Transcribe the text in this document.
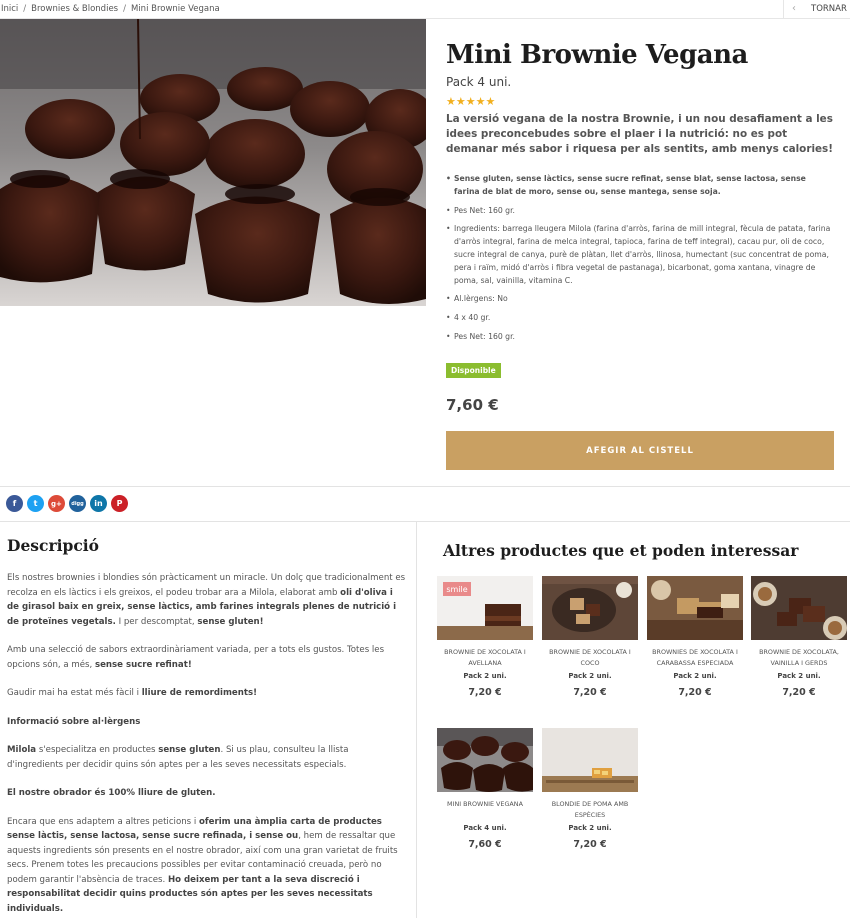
Inici / Brownies & Blondies / Mini Brownie Vegana	‹ TORNAR
Mini Brownie Vegana
Pack 4 uni.
★★★★★

La versió vegana de la nostra Brownie, i un nou desafiament a les idees preconcebudes sobre el plaer i la nutrició: no es pot demanar més sabor i riquesa per als sentits, amb menys calories!

• Sense gluten, sense làctics, sense sucre refinat, sense blat, sense lactosa, sense farina de blat de moro, sense ou, sense mantega, sense soja.
• Pes Net: 160 gr.
• Ingredients: barrega lleugera Milola (farina d'arròs, farina de mill integral, fècula de patata, farina d'arròs integral, farina de melca integral, tapioca, farina de teff integral), cacau pur, oli de coco, sucre integral de canya, purè de plàtan, llet d'arròs, llinosa, humectant (suc concentrat de poma, pera i raïm, midó d'arròs i fibra vegetal de pastanaga), bicarbonat, goma xantana, vinagre de poma, sal, vainilla, vitamina C.
• Al.lèrgens: No
• 4 x 40 gr.
• Pes Net: 160 gr.
Disponible
7,60 €
AFEGIR AL CISTELL
f	t	g+	digg	in	P
Descripció

Els nostres brownies i blondies són pràcticament un miracle. Un dolç que tradicionalment es recolza en els làctics i els greixos, el podeu trobar ara a Milola, elaborat amb oli d'oliva i de girasol baix en greix, sense làctics, amb farines integrals plenes de nutrició i de proteïnes vegetals. I per descomptat, sense gluten!

Amb una selecció de sabors extraordinàriament variada, per a tots els gustos. Totes les opcions són, a més, sense sucre refinat!

Gaudir mai ha estat més fàcil i lliure de remordiments!

Informació sobre al·lèrgens

Milola s'especialitza en productes sense gluten. Si us plau, consulteu la llista d'ingredients per decidir quins són aptes per a les seves necessitats especials.

El nostre obrador és 100% lliure de gluten.

Encara que ens adaptem a altres peticions i oferim una àmplia carta de productes sense làctis, sense lactosa, sense sucre refinada, i sense ou, hem de ressaltar que aquests ingredients són presents en el nostre obrador, així com una gran varietat de fruits secs. Prenem totes les precaucions possibles per evitar contaminació creuada, però no podem garantir l'absència de traces. Ho deixem per tant a la seva discreció i responsabilitat decidir quins productes són aptes per les seves necessitats individuals.

Altres productes que et poden interessar
smile
BROWNIE DE XOCOLATA I AVELLANA
Pack 2 uni.
7,20 €
BROWNIE DE XOCOLATA I COCO
Pack 2 uni.
7,20 €
BROWNIES DE XOCOLATA I CARABASSA ESPECIADA
Pack 2 uni.
7,20 €
BROWNIE DE XOCOLATA, VAINILLA I GERDS
Pack 2 uni.
7,20 €
MINI BROWNIE VEGANA
Pack 4 uni.
7,60 €
BLONDIE DE POMA AMB ESPÈCIES
Pack 2 uni.
7,20 €
